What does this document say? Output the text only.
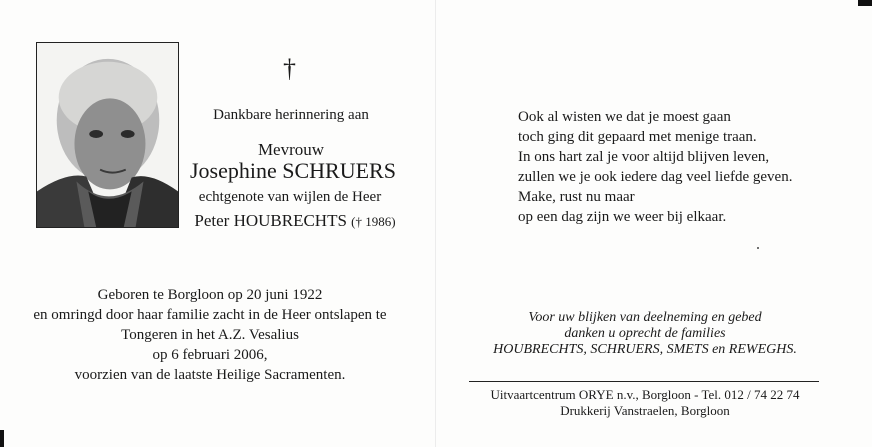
†
Dankbare herinnering aan
Mevrouw
Josephine SCHRUERS
echtgenote van wijlen de Heer
Peter HOUBRECHTS († 1986)
Geboren te Borgloon op 20 juni 1922
en omringd door haar familie zacht in de Heer ontslapen te
Tongeren in het A.Z. Vesalius
op 6 februari 2006,
voorzien van de laatste Heilige Sacramenten.
Ook al wisten we dat je moest gaan
toch ging dit gepaard met menige traan.
In ons hart zal je voor altijd blijven leven,
zullen we je ook iedere dag veel liefde geven.
Make, rust nu maar
op een dag zijn we weer bij elkaar.
Voor uw blijken van deelneming en gebed
danken u oprecht de families
HOUBRECHTS, SCHRUERS, SMETS en REWEGHS.
Uitvaartcentrum ORYE n.v., Borgloon - Tel. 012 / 74 22 74
Drukkerij Vanstraelen, Borgloon
